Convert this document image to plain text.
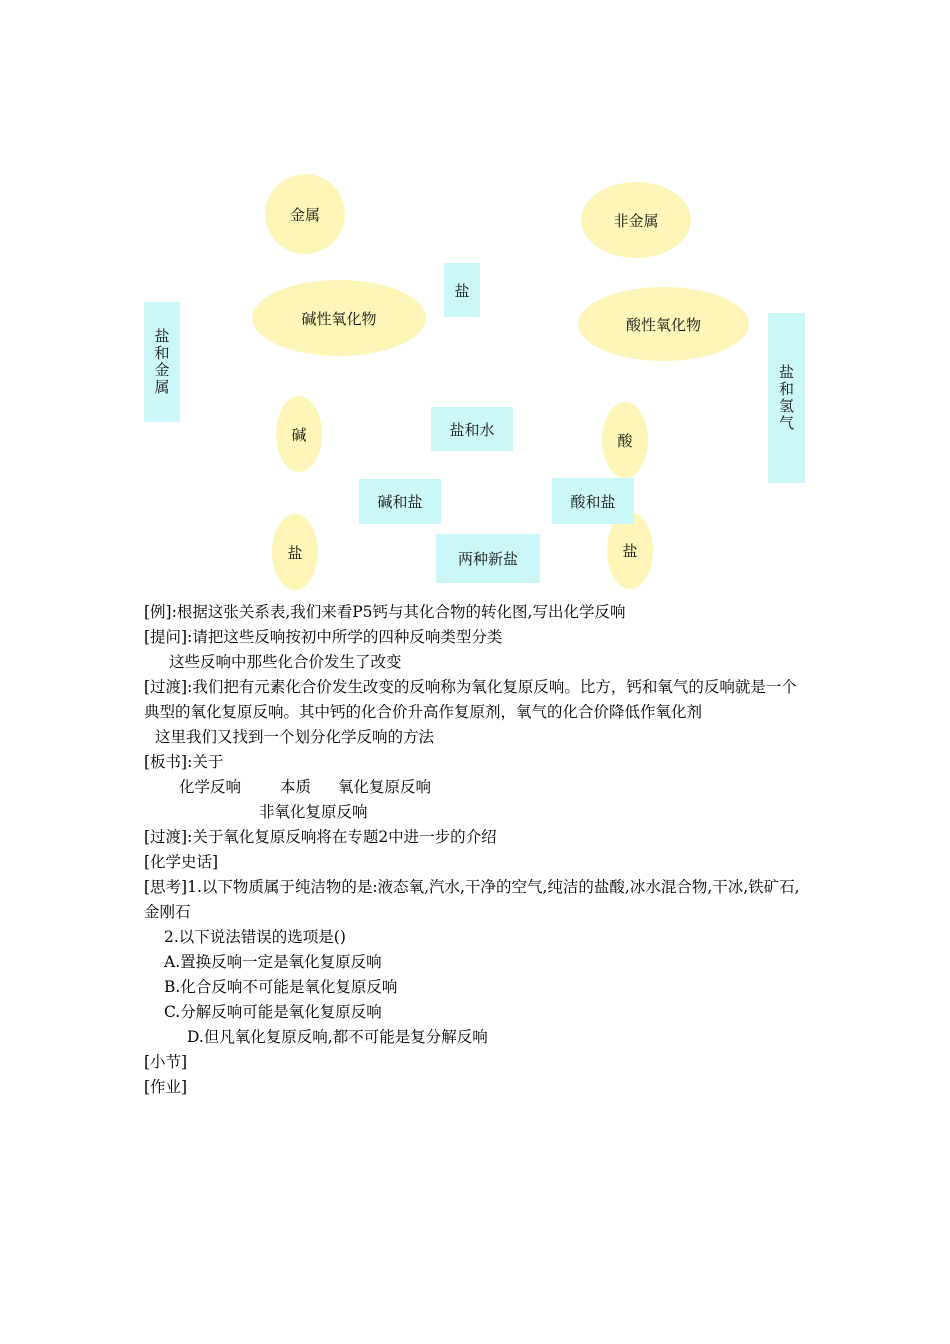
金属	非金属
碱性氧化物	酸性氧化物
盐
盐和金属
盐和氢气
碱	酸
盐和水
碱和盐
盐
酸和盐
盐	两种新盐
[例]:根据这张关系表,我们来看P5钙与其化合物的转化图,写出化学反响
[提问]:请把这些反响按初中所学的四种反响类型分类
这些反响中那些化合价发生了改变
[过渡]:我们把有元素化合价发生改变的反响称为氧化复原反响。比方，钙和氧气的反响就是一个典型的氧化复原反响。其中钙的化合价升高作复原剂，氧气的化合价降低作氧化剂
这里我们又找到一个划分化学反响的方法
[板书]:关于
化学反响	本质 氧化复原反响
非氧化复原反响
[过渡]:关于氧化复原反响将在专题2中进一步的介绍
[化学史话]
[思考]1.以下物质属于纯洁物的是:液态氧,汽水,干净的空气,纯洁的盐酸,冰水混合物,干冰,铁矿石,金刚石
2.以下说法错误的选项是()
A.置换反响一定是氧化复原反响
B.化合反响不可能是氧化复原反响
C.分解反响可能是氧化复原反响
D.但凡氧化复原反响,都不可能是复分解反响
[小节]
[作业]
